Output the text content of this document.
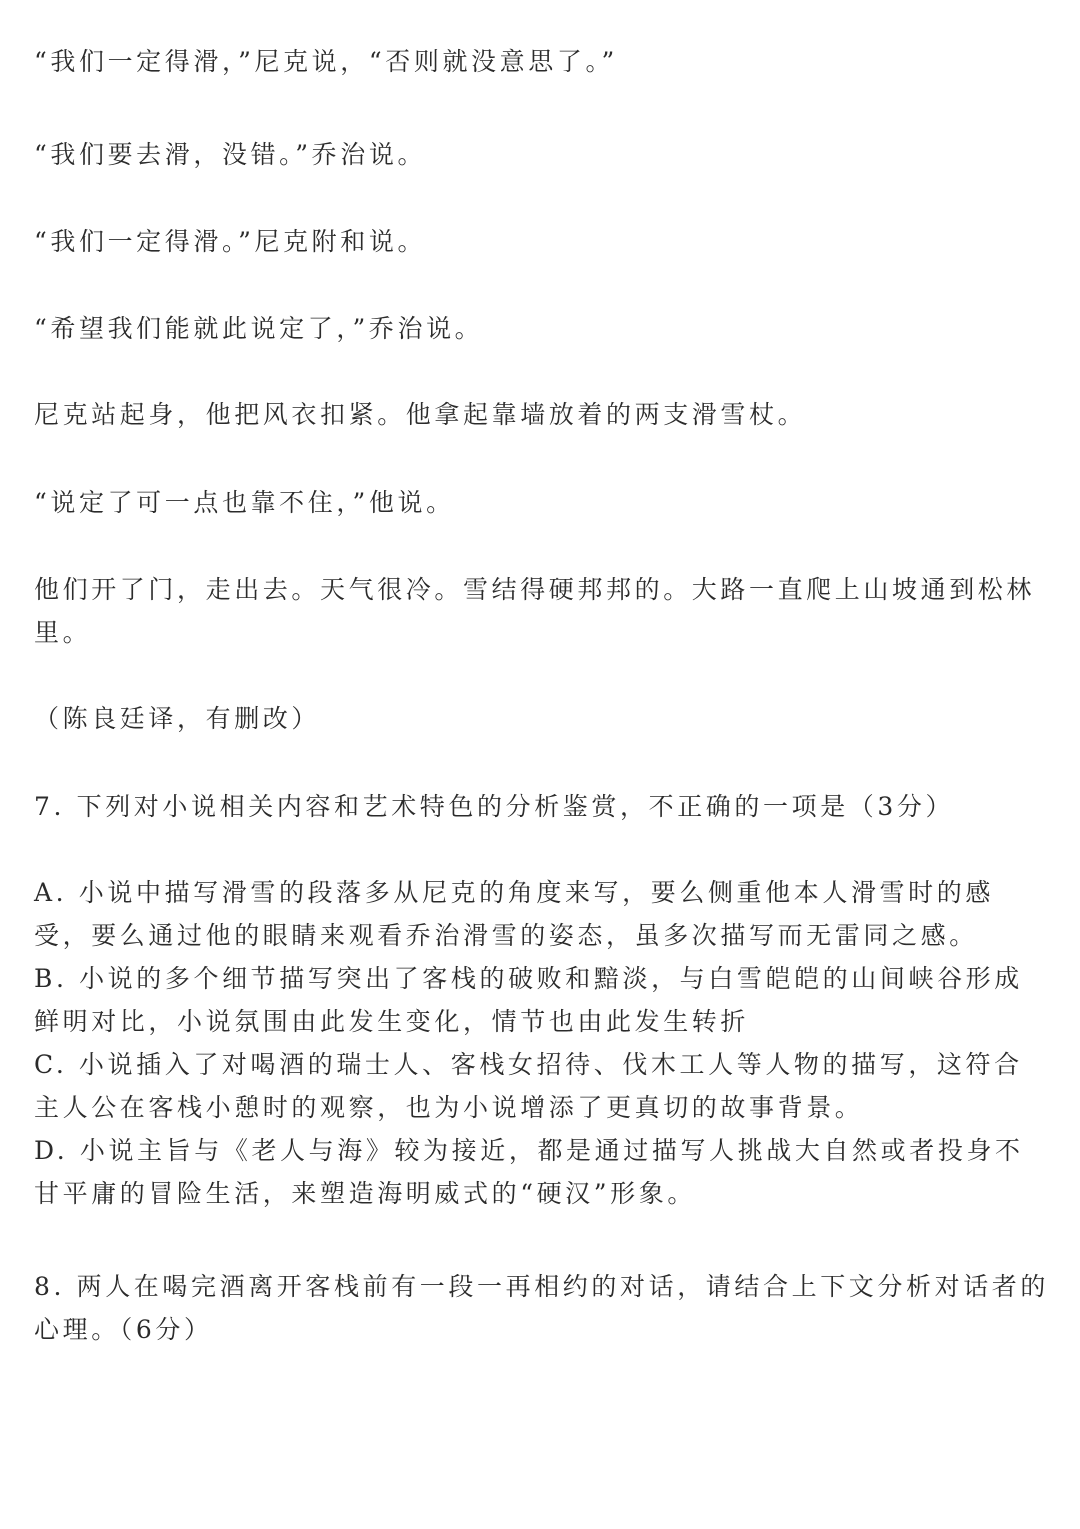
“我们一定得滑，”尼克说，“否则就没意思了。”

“我们要去滑，没错。”乔治说。

“我们一定得滑。”尼克附和说。

“希望我们能就此说定了，”乔治说。

尼克站起身，他把风衣扣紧。他拿起靠墙放着的两支滑雪杖。

“说定了可一点也靠不住，”他说。

他们开了门，走出去。天气很冷。雪结得硬邦邦的。大路一直爬上山坡通到松林里。

（陈良廷译，有删改）

7. 下列对小说相关内容和艺术特色的分析鉴赏，不正确的一项是（3分）

A. 小说中描写滑雪的段落多从尼克的角度来写，要么侧重他本人滑雪时的感受，要么通过他的眼睛来观看乔治滑雪的姿态，虽多次描写而无雷同之感。

B. 小说的多个细节描写突出了客栈的破败和黯淡，与白雪皑皑的山间峡谷形成鲜明对比，小说氛围由此发生变化，情节也由此发生转折

C. 小说插入了对喝酒的瑞士人、客栈女招待、伐木工人等人物的描写，这符合主人公在客栈小憩时的观察，也为小说增添了更真切的故事背景。

D. 小说主旨与《老人与海》较为接近，都是通过描写人挑战大自然或者投身不甘平庸的冒险生活，来塑造海明威式的“硬汉”形象。

8. 两人在喝完酒离开客栈前有一段一再相约的对话，请结合上下文分析对话者的心理。（6分）
